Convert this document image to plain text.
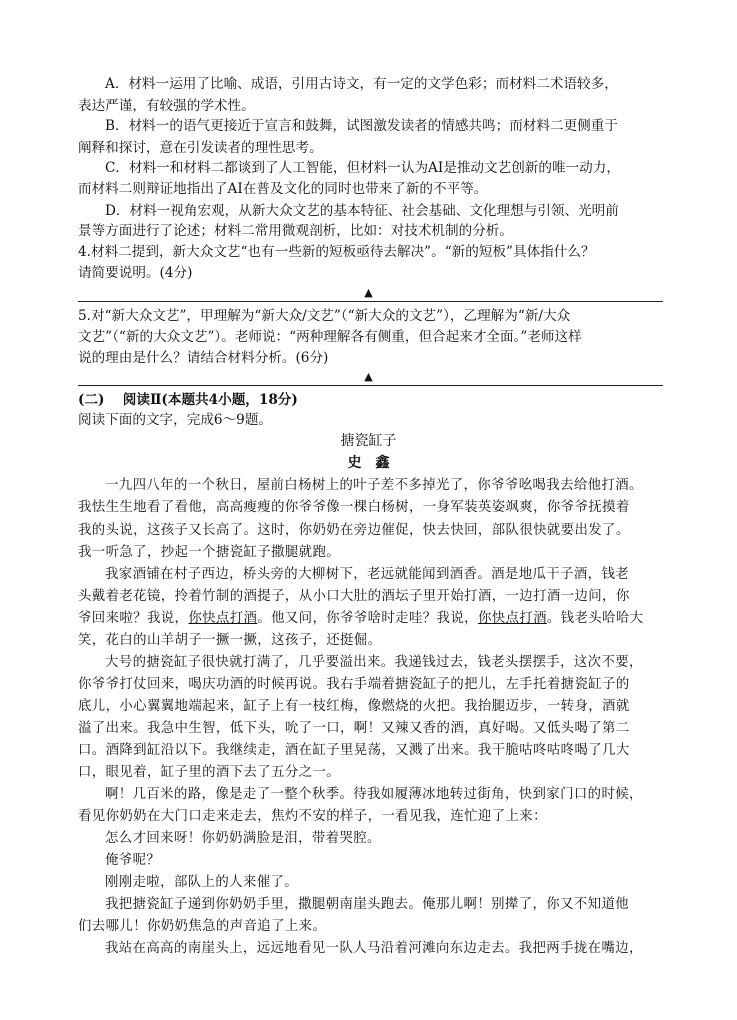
A．材料一运用了比喻、成语，引用古诗文，有一定的文学色彩；而材料二术语较多，
表达严谨，有较强的学术性。
B．材料一的语气更接近于宣言和鼓舞，试图激发读者的情感共鸣；而材料二更侧重于
阐释和探讨，意在引发读者的理性思考。
C．材料一和材料二都谈到了人工智能，但材料一认为AI是推动文艺创新的唯一动力，
而材料二则辩证地指出了AI在普及文化的同时也带来了新的不平等。
D．材料一视角宏观，从新大众文艺的基本特征、社会基础、文化理想与引领、光明前
景等方面进行了论述；材料二常用微观剖析，比如：对技术机制的分析。
4.材料二提到，新大众文艺“也有一些新的短板亟待去解决”。“新的短板”具体指什么？
请简要说明。(4分)
▲
5.对“新大众文艺”，甲理解为“新大众/文艺”（“新大众的文艺”），乙理解为“新/大众
文艺”（“新的大众文艺”）。老师说：“两种理解各有侧重，但合起来才全面。”老师这样
说的理由是什么？请结合材料分析。(6分)
▲
(二)　 阅读Ⅱ(本题共4小题，18分)
阅读下面的文字，完成6～9题。
搪瓷缸子
史　鑫
一九四八年的一个秋日，屋前白杨树上的叶子差不多掉光了，你爷爷吆喝我去给他打酒。
我怯生生地看了看他，高高瘦瘦的你爷爷像一棵白杨树，一身军装英姿飒爽，你爷爷抚摸着
我的头说，这孩子又长高了。这时，你奶奶在旁边催促，快去快回，部队很快就要出发了。
我一听急了，抄起一个搪瓷缸子撒腿就跑。
我家酒铺在村子西边，桥头旁的大柳树下，老远就能闻到酒香。酒是地瓜干子酒，钱老
头戴着老花镜，拎着竹制的酒提子，从小口大肚的酒坛子里开始打酒，一边打酒一边问，你
爷回来啦？我说，你快点打酒。他又问，你爷爷啥时走哇？我说，你快点打酒。钱老头哈哈大
笑，花白的山羊胡子一撅一撅，这孩子，还挺倔。
大号的搪瓷缸子很快就打满了，几乎要溢出来。我递钱过去，钱老头摆摆手，这次不要，
你爷爷打仗回来，喝庆功酒的时候再说。我右手端着搪瓷缸子的把儿，左手托着搪瓷缸子的
底儿，小心翼翼地端起来，缸子上有一枝红梅，像燃烧的火把。我抬腿迈步，一转身，酒就
溢了出来。我急中生智，低下头，吮了一口，啊！又辣又香的酒，真好喝。又低头喝了第二
口。酒降到缸沿以下。我继续走，酒在缸子里晃荡，又溅了出来。我干脆咕咚咕咚喝了几大
口，眼见着，缸子里的酒下去了五分之一。
啊！几百米的路，像是走了一整个秋季。待我如履薄冰地转过街角，快到家门口的时候，
看见你奶奶在大门口走来走去，焦灼不安的样子，一看见我，连忙迎了上来：
怎么才回来呀！你奶奶满脸是泪，带着哭腔。
俺爷呢？
刚刚走啦，部队上的人来催了。
我把搪瓷缸子递到你奶奶手里，撒腿朝南崖头跑去。俺那儿啊！别撵了，你又不知道他
们去哪儿！你奶奶焦急的声音追了上来。
我站在高高的南崖头上，远远地看见一队人马沿着河滩向东边走去。我把两手拢在嘴边，
